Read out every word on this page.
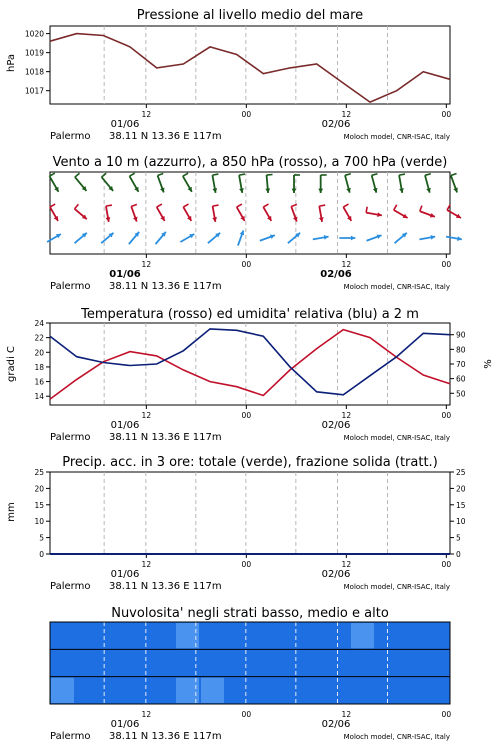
Pressione al livello medio del mare
hPa
12	00	12	00
01/06	02/06
Palermo 38.11 N 13.36 E 117m	Moloch model, CNR-ISAC, Italy
1017
1018
1019
1020
Vento a 10 m (azzurro), a 850 hPa (rosso), a 700 hPa (verde)
12	00	12	00
01/06	02/06
Palermo 38.11 N 13.36 E 117m	Moloch model, CNR-ISAC, Italy
Temperatura (rosso) ed umidita' relativa (blu) a 2 m
gradi C	%
12	00	12	00
01/06	02/06
Palermo 38.11 N 13.36 E 117m	Moloch model, CNR-ISAC, Italy
14
16
18
20
22
24
50
60
70
80
90
Precip. acc. in 3 ore: totale (verde), frazione solida (tratt.)
mm
12	00	12	00
01/06	02/06
Palermo 38.11 N 13.36 E 117m	Moloch model, CNR-ISAC, Italy
0
5
10
15
20
25
0
5
10
15
20
25
Nuvolosita' negli strati basso, medio e alto
12	00	12	00
01/06	02/06
Palermo 38.11 N 13.36 E 117m	Moloch model, CNR-ISAC, Italy
